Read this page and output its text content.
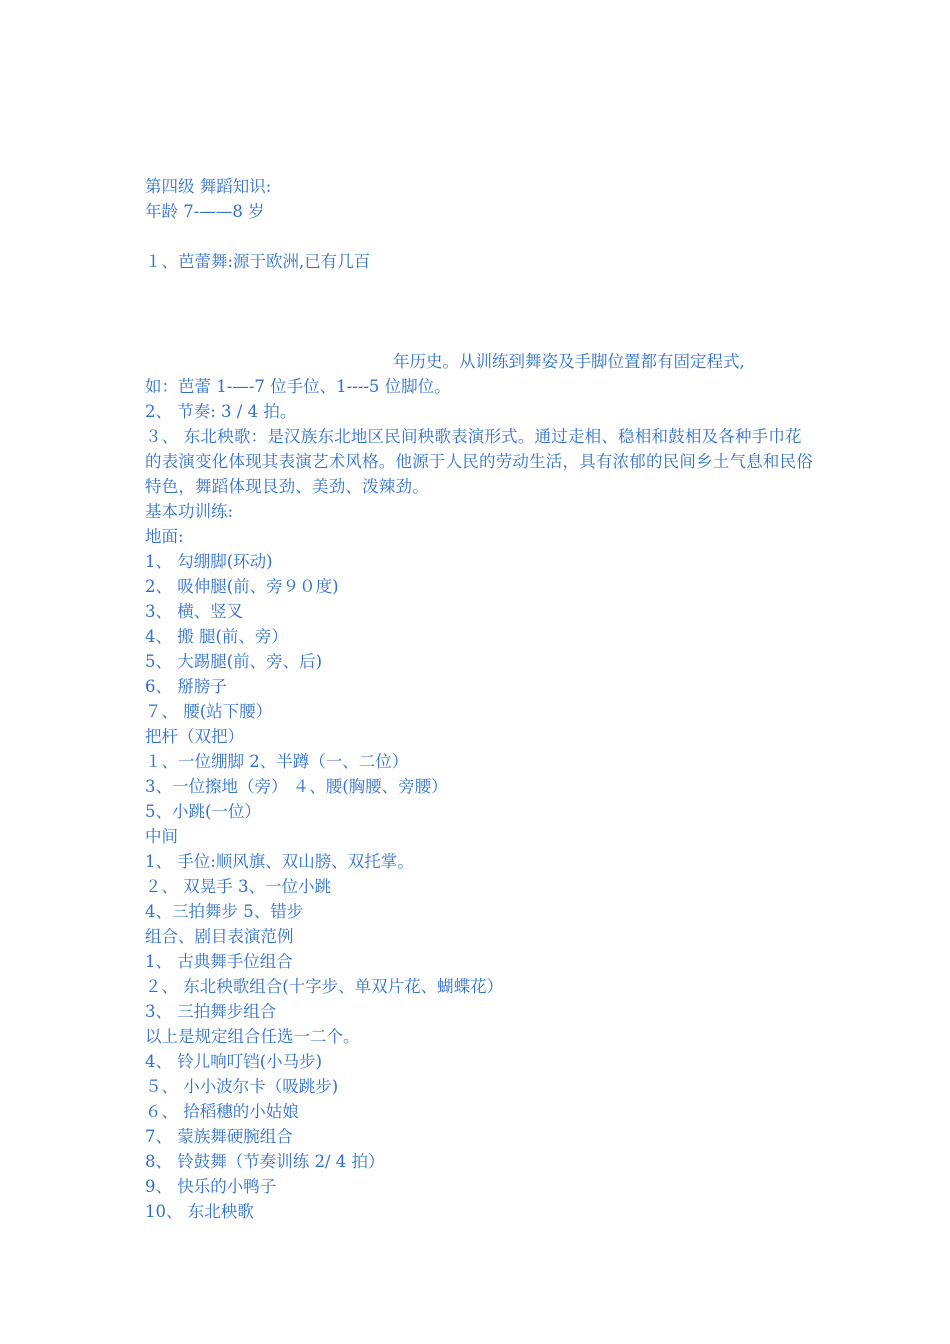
第四级 舞蹈知识:
年龄 7-——8 岁
１、芭蕾舞:源于欧洲,已有几百
年历史。从训练到舞姿及手脚位置都有固定程式,
如：芭蕾 1-—-7 位手位、1----5 位脚位。
2、 节奏: 3 / 4 拍。
３、 东北秧歌：是汉族东北地区民间秧歌表演形式。通过走相、稳相和鼓相及各种手巾花的表演变化体现其表演艺术风格。他源于人民的劳动生活，具有浓郁的民间乡土气息和民俗特色，舞蹈体现艮劲、美劲、泼辣劲。
基本功训练:
地面:
1、 勾绷脚(环动)
2、 吸伸腿(前、旁９０度)
3、 横、竖叉
4、 搬 腿(前、旁）
5、 大踢腿(前、旁、后)
6、 掰膀子
７、 腰(站下腰）
把杆（双把）
１、一位绷脚 2、半蹲（一、二位）
3、一位擦地（旁） ４、腰(胸腰、旁腰）
5、小跳(一位）
中间
1、 手位:顺风旗、双山膀、双托掌。
２、 双晃手 3、一位小跳
4、三拍舞步 5、错步
组合、剧目表演范例
1、 古典舞手位组合
２、 东北秧歌组合(十字步、单双片花、蝴蝶花）
3、 三拍舞步组合
以上是规定组合任选一二个。
4、 铃儿响叮铛(小马步)
５、 小小波尔卡（吸跳步)
６、 拾稻穗的小姑娘
7、 蒙族舞硬腕组合
8、 铃鼓舞（节奏训练 2/ 4 拍）
9、 快乐的小鸭子
10、 东北秧歌
